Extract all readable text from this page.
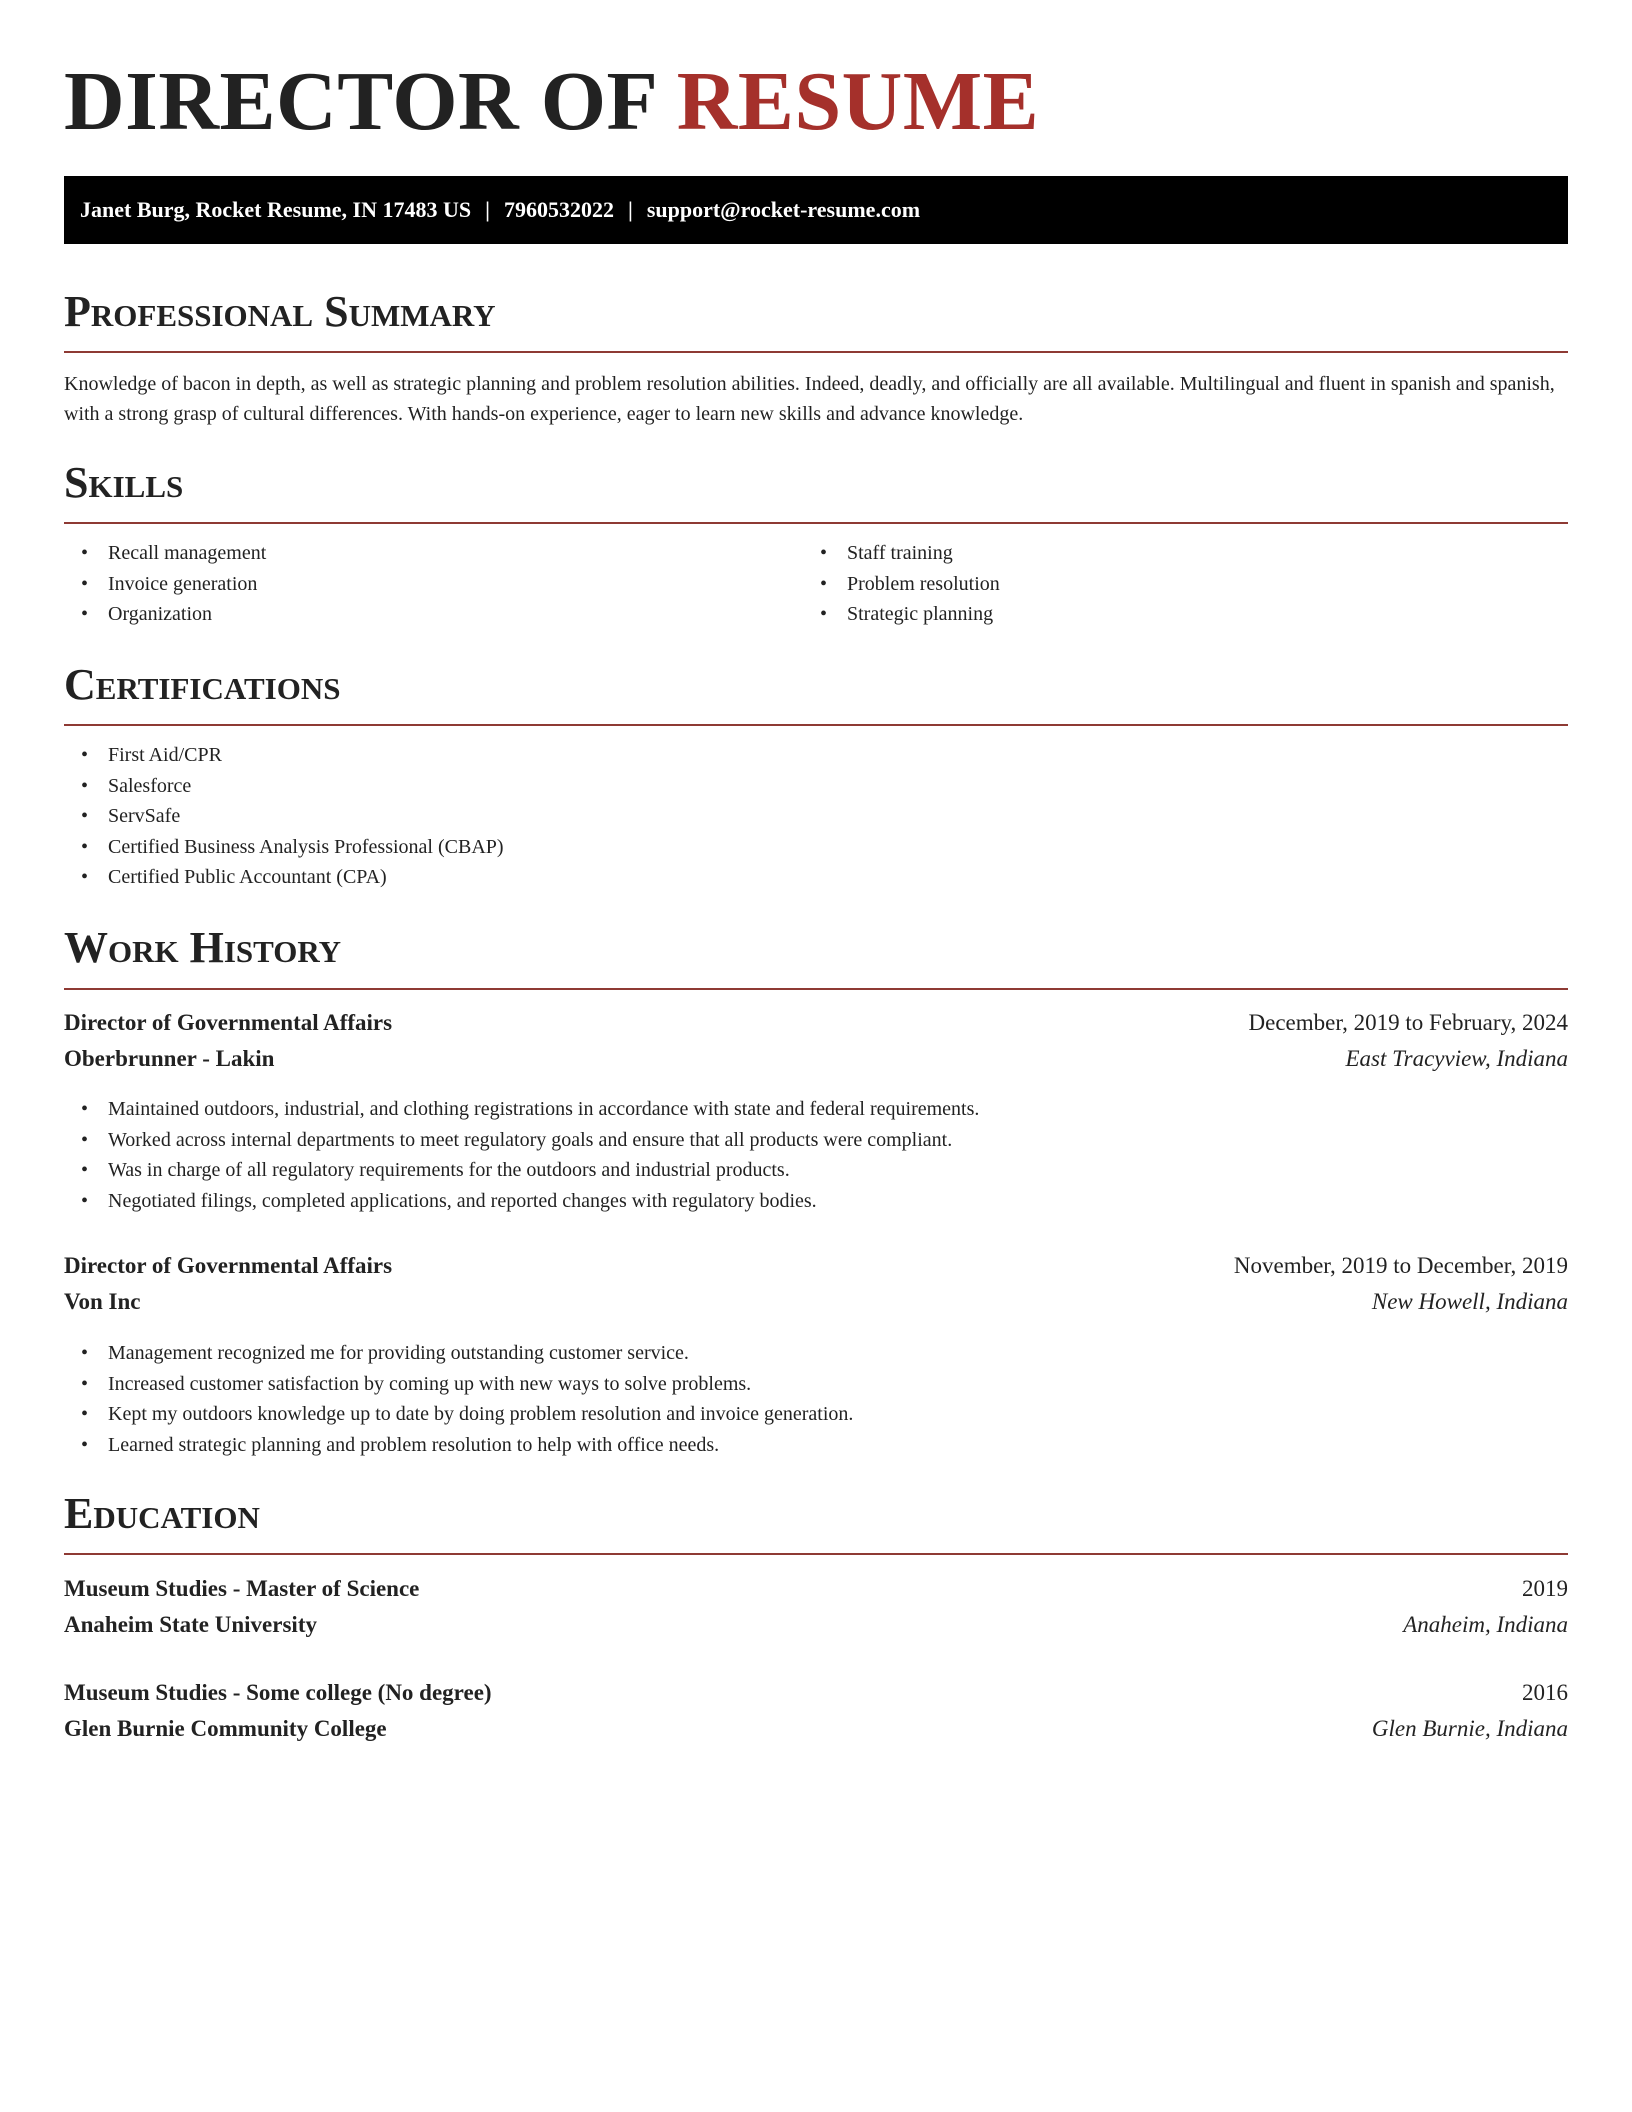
DIRECTOR OF RESUME
Janet Burg, Rocket Resume, IN 17483 US | 7960532022 | support@rocket-resume.com
Professional Summary
Knowledge of bacon in depth, as well as strategic planning and problem resolution abilities. Indeed, deadly, and officially are all available. Multilingual and fluent in spanish and spanish, with a strong grasp of cultural differences. With hands-on experience, eager to learn new skills and advance knowledge.
Skills
• Recall management
• Invoice generation
• Organization
• Staff training
• Problem resolution
• Strategic planning
Certifications
• First Aid/CPR
• Salesforce
• ServSafe
• Certified Business Analysis Professional (CBAP)
• Certified Public Accountant (CPA)
Work History
Director of Governmental Affairs	December, 2019 to February, 2024
Oberbrunner - Lakin	East Tracyview, Indiana
• Maintained outdoors, industrial, and clothing registrations in accordance with state and federal requirements.
• Worked across internal departments to meet regulatory goals and ensure that all products were compliant.
• Was in charge of all regulatory requirements for the outdoors and industrial products.
• Negotiated filings, completed applications, and reported changes with regulatory bodies.
Director of Governmental Affairs	November, 2019 to December, 2019
Von Inc	New Howell, Indiana
• Management recognized me for providing outstanding customer service.
• Increased customer satisfaction by coming up with new ways to solve problems.
• Kept my outdoors knowledge up to date by doing problem resolution and invoice generation.
• Learned strategic planning and problem resolution to help with office needs.
Education
Museum Studies - Master of Science	2019
Anaheim State University	Anaheim, Indiana
Museum Studies - Some college (No degree)	2016
Glen Burnie Community College	Glen Burnie, Indiana
